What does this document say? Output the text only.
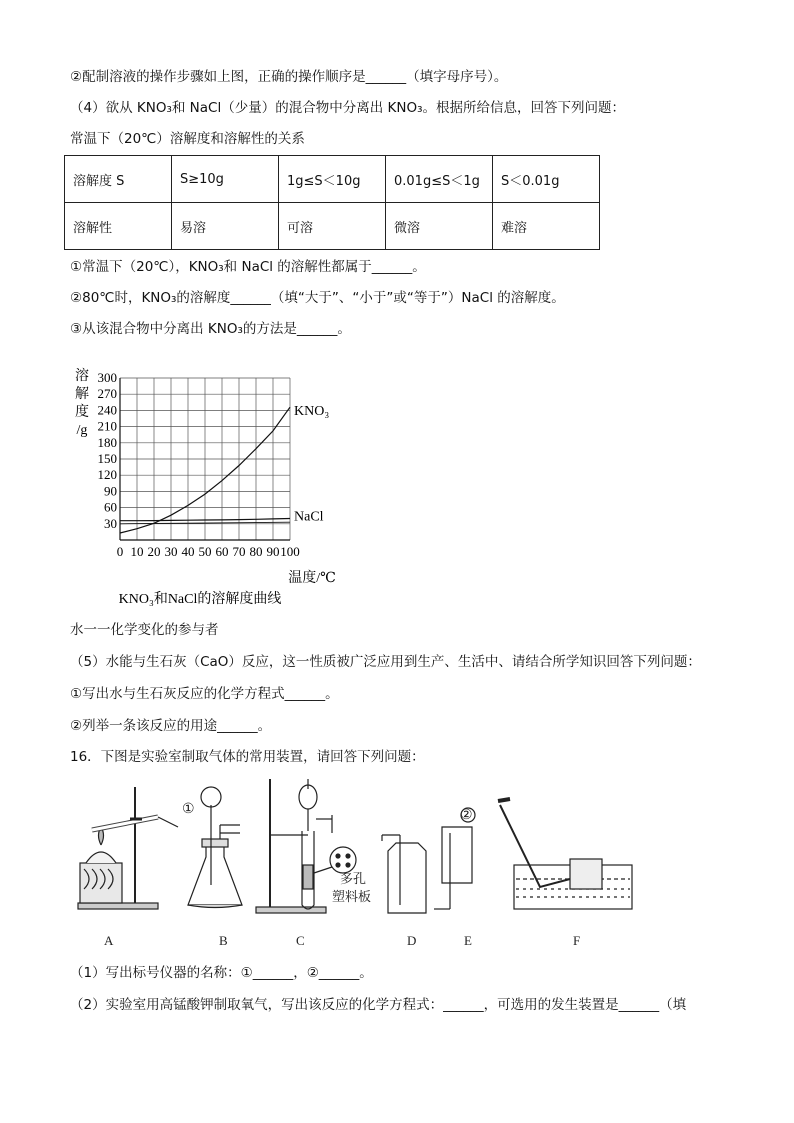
②配制溶液的操作步骤如上图，正确的操作顺序是______（填字母序号）。
（4）欲从 KNO₃和 NaCl（少量）的混合物中分离出 KNO₃。根据所给信息，回答下列问题：
常温下（20℃）溶解度和溶解性的关系
溶解度 S	S≥10g	1g≤S＜10g	0.01g≤S＜1g	S＜0.01g
溶解性	易溶	可溶	微溶	难溶
①常温下（20℃），KNO₃和 NaCl 的溶解性都属于______。
②80℃时，KNO₃的溶解度______（填“大于”、“小于”或“等于”）NaCl 的溶解度。
③从该混合物中分离出 KNO₃的方法是______。
溶
解
度
/g
30
60
90
120
150
180
210
240
270
300
0 10 20 30 40 50 60 70 80 90 100
KNO₃
NaCl
温度/℃
KNO₃和NaCl的溶解度曲线
水一一化学变化的参与者
（5）水能与生石灰（CaO）反应，这一性质被广泛应用到生产、生活中、请结合所学知识回答下列问题：
①写出水与生石灰反应的化学方程式______。
②列举一条该反应的用途______。
16．下图是实验室制取气体的常用装置，请回答下列问题：
①	②
多孔
塑料板
A	B	C	D	E	F
（1）写出标号仪器的名称：①______，②______。
（2）实验室用高锰酸钾制取氧气，写出该反应的化学方程式：______，可选用的发生装置是______（填
